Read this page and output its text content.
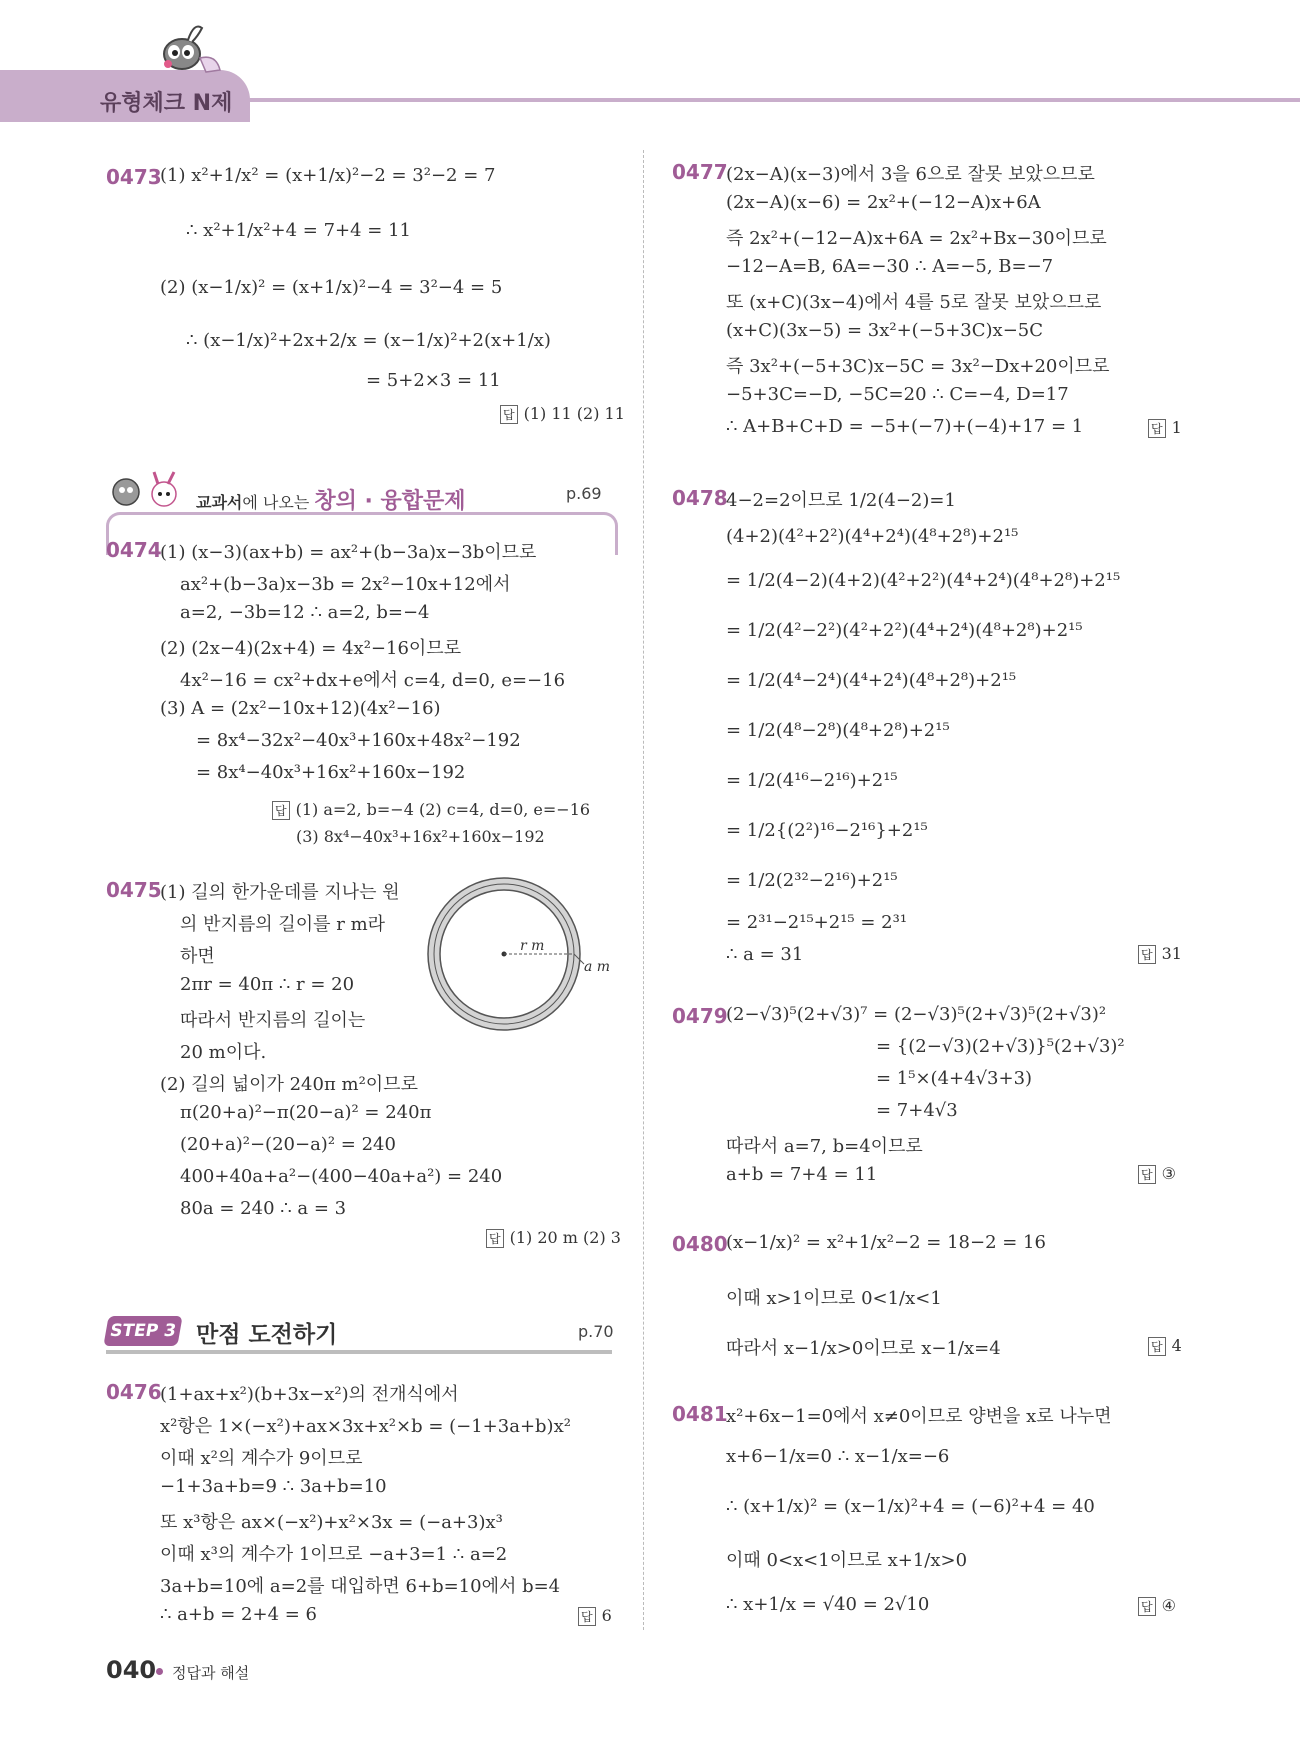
유형체크 N제
0473
(1) x²+1/x² = (x+1/x)²−2 = 3²−2 = 7
∴ x²+1/x²+4 = 7+4 = 11
(2) (x−1/x)² = (x+1/x)²−4 = 3²−4 = 5
∴ (x−1/x)²+2x+2/x = (x−1/x)²+2(x+1/x)
= 5+2×3 = 11
답 (1) 11 (2) 11
교과서에 나오는 창의 · 융합문제	p.69
0474
(1) (x−3)(ax+b) = ax²+(b−3a)x−3b이므로
ax²+(b−3a)x−3b = 2x²−10x+12에서
a=2, −3b=12 ∴ a=2, b=−4
(2) (2x−4)(2x+4) = 4x²−16이므로
4x²−16 = cx²+dx+e에서 c=4, d=0, e=−16
(3) A = (2x²−10x+12)(4x²−16)
= 8x⁴−32x²−40x³+160x+48x²−192
= 8x⁴−40x³+16x²+160x−192
답 (1) a=2, b=−4 (2) c=4, d=0, e=−16
(3) 8x⁴−40x³+16x²+160x−192
0475
(1) 길의 한가운데를 지나는 원
의 반지름의 길이를 r m라
하면
2πr = 40π ∴ r = 20
따라서 반지름의 길이는
20 m이다.
(2) 길의 넓이가 240π m²이므로
π(20+a)²−π(20−a)² = 240π
(20+a)²−(20−a)² = 240
400+40a+a²−(400−40a+a²) = 240
80a = 240 ∴ a = 3
r m
a m
답 (1) 20 m (2) 3
STEP 3 만점 도전하기	p.70
0476
(1+ax+x²)(b+3x−x²)의 전개식에서
x²항은 1×(−x²)+ax×3x+x²×b = (−1+3a+b)x²
이때 x²의 계수가 9이므로
−1+3a+b=9 ∴ 3a+b=10
또 x³항은 ax×(−x²)+x²×3x = (−a+3)x³
이때 x³의 계수가 1이므로 −a+3=1 ∴ a=2
3a+b=10에 a=2를 대입하면 6+b=10에서 b=4
∴ a+b = 2+4 = 6	답 6
0477
(2x−A)(x−3)에서 3을 6으로 잘못 보았으므로
(2x−A)(x−6) = 2x²+(−12−A)x+6A
즉 2x²+(−12−A)x+6A = 2x²+Bx−30이므로
−12−A=B, 6A=−30 ∴ A=−5, B=−7
또 (x+C)(3x−4)에서 4를 5로 잘못 보았으므로
(x+C)(3x−5) = 3x²+(−5+3C)x−5C
즉 3x²+(−5+3C)x−5C = 3x²−Dx+20이므로
−5+3C=−D, −5C=20 ∴ C=−4, D=17
∴ A+B+C+D = −5+(−7)+(−4)+17 = 1	답 1
0478
4−2=2이므로 1/2(4−2)=1
(4+2)(4²+2²)(4⁴+2⁴)(4⁸+2⁸)+2¹⁵
= 1/2(4−2)(4+2)(4²+2²)(4⁴+2⁴)(4⁸+2⁸)+2¹⁵
= 1/2(4²−2²)(4²+2²)(4⁴+2⁴)(4⁸+2⁸)+2¹⁵
= 1/2(4⁴−2⁴)(4⁴+2⁴)(4⁸+2⁸)+2¹⁵
= 1/2(4⁸−2⁸)(4⁸+2⁸)+2¹⁵
= 1/2(4¹⁶−2¹⁶)+2¹⁵
= 1/2{(2²)¹⁶−2¹⁶}+2¹⁵
= 1/2(2³²−2¹⁶)+2¹⁵
= 2³¹−2¹⁵+2¹⁵ = 2³¹
∴ a = 31	답 31
0479
(2−√3)⁵(2+√3)⁷ = (2−√3)⁵(2+√3)⁵(2+√3)²
= {(2−√3)(2+√3)}⁵(2+√3)²
= 1⁵×(4+4√3+3)
= 7+4√3
따라서 a=7, b=4이므로
a+b = 7+4 = 11	답 ③
0480
(x−1/x)² = x²+1/x²−2 = 18−2 = 16
이때 x>1이므로 0<1/x<1
따라서 x−1/x>0이므로 x−1/x=4	답 4
0481
x²+6x−1=0에서 x≠0이므로 양변을 x로 나누면
x+6−1/x=0 ∴ x−1/x=−6
∴ (x+1/x)² = (x−1/x)²+4 = (−6)²+4 = 40
이때 0<x<1이므로 x+1/x>0
∴ x+1/x = √40 = 2√10	답 ④
040 정답과 해설
